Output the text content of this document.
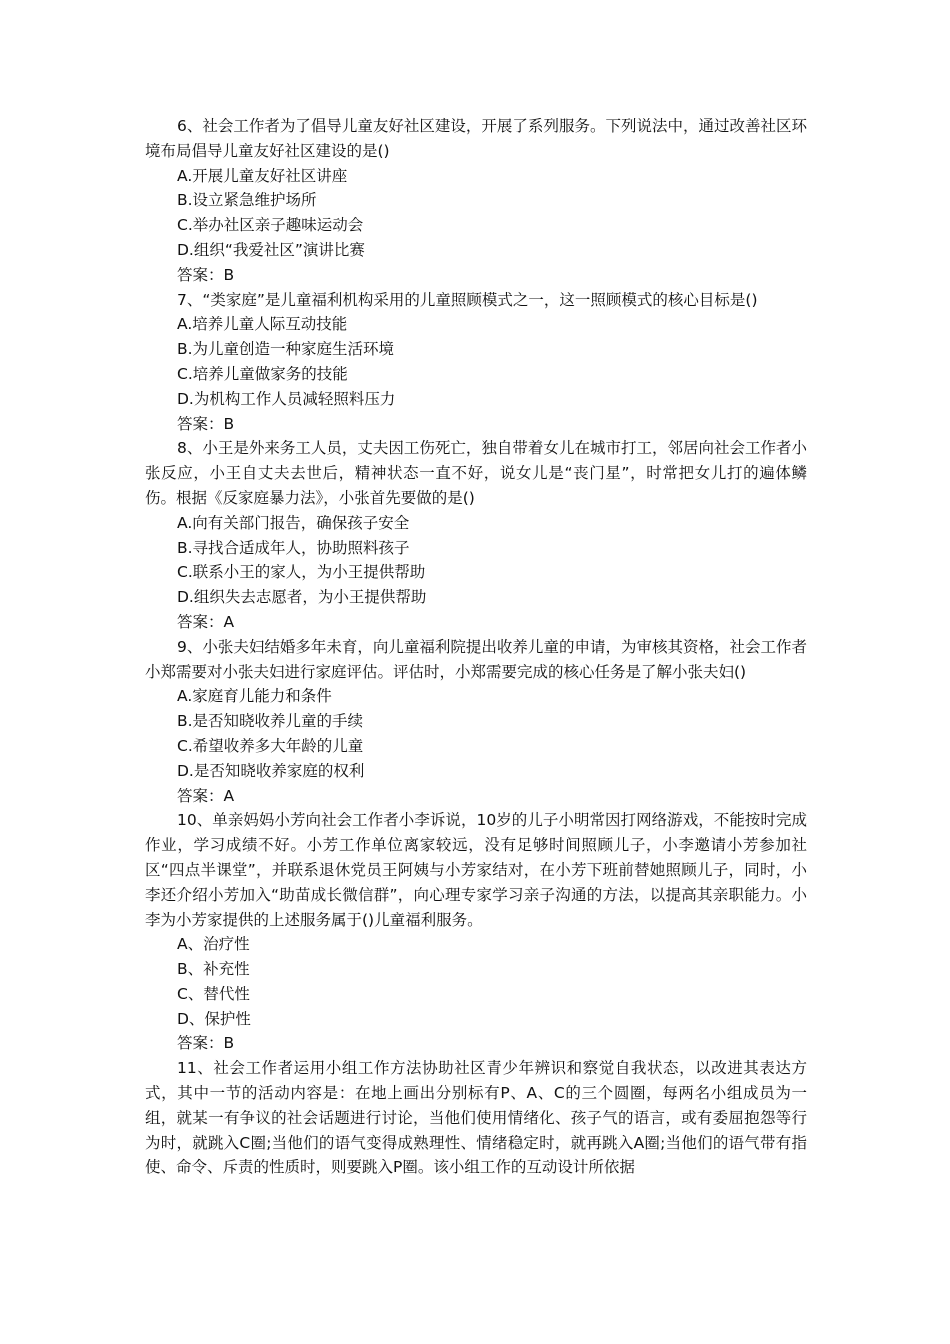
6、社会工作者为了倡导儿童友好社区建设，开展了系列服务。下列说法中，通过改善社区环境布局倡导儿童友好社区建设的是()

A.开展儿童友好社区讲座

B.设立紧急维护场所

C.举办社区亲子趣味运动会

D.组织“我爱社区”演讲比赛

答案：B

7、“类家庭”是儿童福利机构采用的儿童照顾模式之一，这一照顾模式的核心目标是()

A.培养儿童人际互动技能

B.为儿童创造一种家庭生活环境

C.培养儿童做家务的技能

D.为机构工作人员减轻照料压力

答案：B

8、小王是外来务工人员，丈夫因工伤死亡，独自带着女儿在城市打工，邻居向社会工作者小张反应，小王自丈夫去世后，精神状态一直不好，说女儿是“丧门星”，时常把女儿打的遍体鳞伤。根据《反家庭暴力法》，小张首先要做的是()

A.向有关部门报告，确保孩子安全

B.寻找合适成年人，协助照料孩子

C.联系小王的家人，为小王提供帮助

D.组织失去志愿者，为小王提供帮助

答案：A

9、小张夫妇结婚多年未育，向儿童福利院提出收养儿童的申请，为审核其资格，社会工作者小郑需要对小张夫妇进行家庭评估。评估时，小郑需要完成的核心任务是了解小张夫妇()

A.家庭育儿能力和条件

B.是否知晓收养儿童的手续

C.希望收养多大年龄的儿童

D.是否知晓收养家庭的权利

答案：A

10、单亲妈妈小芳向社会工作者小李诉说，10岁的儿子小明常因打网络游戏，不能按时完成作业，学习成绩不好。小芳工作单位离家较远，没有足够时间照顾儿子，小李邀请小芳参加社区“四点半课堂”，并联系退休党员王阿姨与小芳家结对，在小芳下班前替她照顾儿子，同时，小李还介绍小芳加入“助苗成长微信群”，向心理专家学习亲子沟通的方法，以提高其亲职能力。小李为小芳家提供的上述服务属于()儿童福利服务。

A、治疗性

B、补充性

C、替代性

D、保护性

答案：B

11、社会工作者运用小组工作方法协助社区青少年辨识和察觉自我状态，以改进其表达方式，其中一节的活动内容是：在地上画出分别标有P、A、C的三个圆圈，每两名小组成员为一组，就某一有争议的社会话题进行讨论，当他们使用情绪化、孩子气的语言，或有委屈抱怨等行为时，就跳入C圈;当他们的语气变得成熟理性、情绪稳定时，就再跳入A圈;当他们的语气带有指使、命令、斥责的性质时，则要跳入P圈。该小组工作的互动设计所依据
